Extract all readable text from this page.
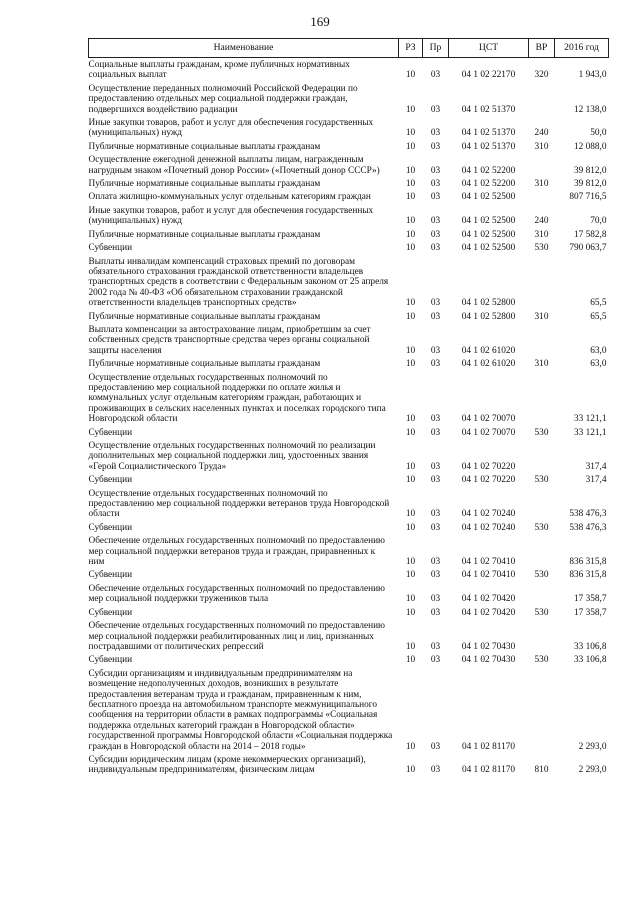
169
Наименование	РЗ	Пр	ЦСТ	ВР	2016 год
Социальные выплаты гражданам, кроме публичных нормативных социальных выплат	10	03	04 1 02 22170	320	1 943,0
Осуществление переданных полномочий Российской Федерации по предоставлению отдельных мер социальной поддержки граждан, подвергшихся воздействию радиации	10	03	04 1 02 51370		12 138,0
Иные закупки товаров, работ и услуг для обеспечения государственных (муниципальных) нужд	10	03	04 1 02 51370	240	50,0
Публичные нормативные социальные выплаты гражданам	10	03	04 1 02 51370	310	12 088,0
Осуществление ежегодной денежной выплаты лицам, награжденным нагрудным знаком «Почетный донор России» («Почетный донор СССР»)	10	03	04 1 02 52200		39 812,0
Публичные нормативные социальные выплаты гражданам	10	03	04 1 02 52200	310	39 812,0
Оплата жилищно-коммунальных услуг отдельным категориям граждан	10	03	04 1 02 52500		807 716,5
Иные закупки товаров, работ и услуг для обеспечения государственных (муниципальных) нужд	10	03	04 1 02 52500	240	70,0
Публичные нормативные социальные выплаты гражданам	10	03	04 1 02 52500	310	17 582,8
Субвенции	10	03	04 1 02 52500	530	790 063,7
Выплаты инвалидам компенсаций страховых премий по договорам обязательного страхования гражданской ответственности владельцев транспортных средств в соответствии с Федеральным законом от 25 апреля 2002 года № 40-ФЗ «Об обязательном страховании гражданской ответственности владельцев транспортных средств»	10	03	04 1 02 52800		65,5
Публичные нормативные социальные выплаты гражданам	10	03	04 1 02 52800	310	65,5
Выплата компенсации за автострахование лицам, приобретшим за счет собственных средств транспортные средства через органы социальной защиты населения	10	03	04 1 02 61020		63,0
Публичные нормативные социальные выплаты гражданам	10	03	04 1 02 61020	310	63,0
Осуществление отдельных государственных полномочий по предоставлению мер социальной поддержки по оплате жилья и коммунальных услуг отдельным категориям граждан, работающих и проживающих в сельских населенных пунктах и поселках городского типа Новгородской области	10	03	04 1 02 70070		33 121,1
Субвенции	10	03	04 1 02 70070	530	33 121,1
Осуществление отдельных государственных полномочий по реализации дополнительных мер социальной поддержки лиц, удостоенных звания «Герой Социалистического Труда»	10	03	04 1 02 70220		317,4
Субвенции	10	03	04 1 02 70220	530	317,4
Осуществление отдельных государственных полномочий по предоставлению мер социальной поддержки ветеранов труда Новгородской области	10	03	04 1 02 70240		538 476,3
Субвенции	10	03	04 1 02 70240	530	538 476,3
Обеспечение отдельных государственных полномочий по предоставлению мер социальной поддержки ветеранов труда и граждан, приравненных к ним	10	03	04 1 02 70410		836 315,8
Субвенции	10	03	04 1 02 70410	530	836 315,8
Обеспечение отдельных государственных полномочий по предоставлению мер социальной поддержки тружеников тыла	10	03	04 1 02 70420		17 358,7
Субвенции	10	03	04 1 02 70420	530	17 358,7
Обеспечение отдельных государственных полномочий по предоставлению мер социальной поддержки реабилитированных лиц и лиц, признанных пострадавшими от политических репрессий	10	03	04 1 02 70430		33 106,8
Субвенции	10	03	04 1 02 70430	530	33 106,8
Субсидии организациям и индивидуальным предпринимателям на возмещение недополученных доходов, возникших в результате предоставления ветеранам труда и гражданам, приравненным к ним, бесплатного проезда на автомобильном транспорте межмуниципального сообщения на территории области в рамках подпрограммы «Социальная поддержка отдельных категорий граждан в Новгородской области» государственной программы Новгородской области «Социальная поддержка граждан в Новгородской области на 2014 – 2018 годы»	10	03	04 1 02 81170		2 293,0
Субсидии юридическим лицам (кроме некоммерческих организаций), индивидуальным предпринимателям, физическим лицам	10	03	04 1 02 81170	810	2 293,0
